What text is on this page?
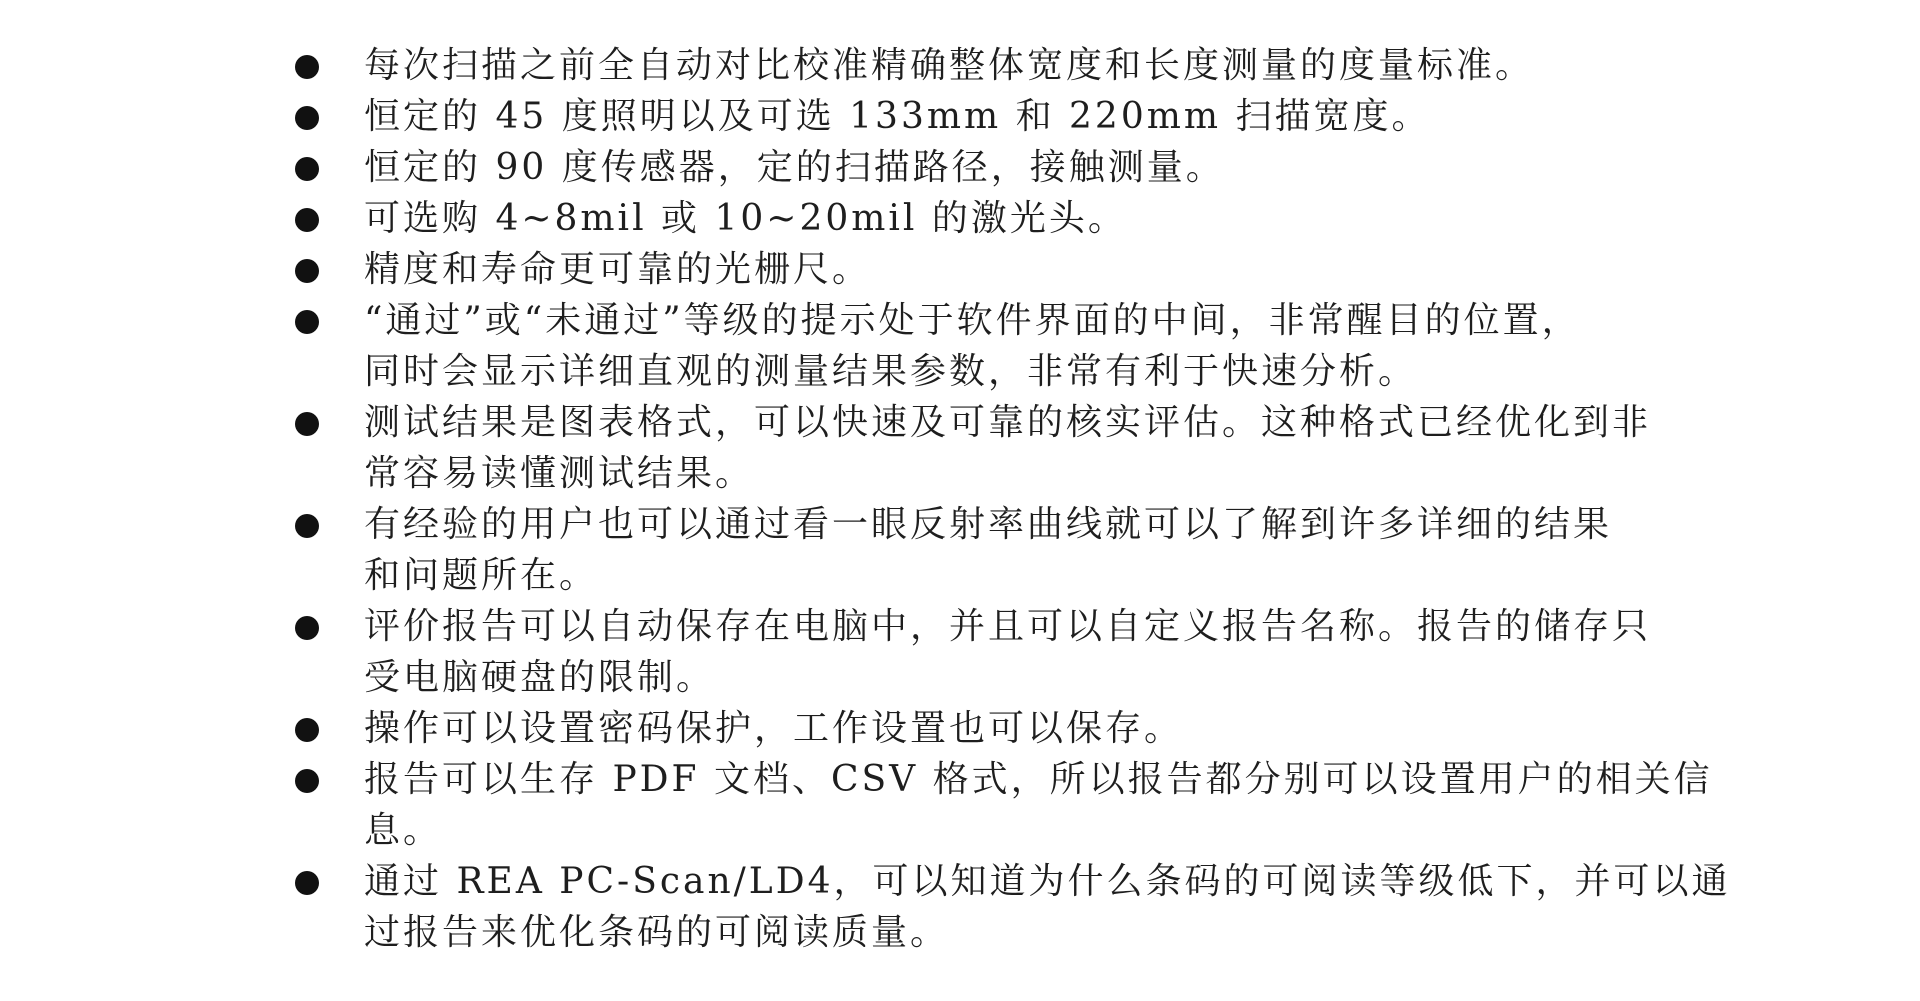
每次扫描之前全自动对比校准精确整体宽度和长度测量的度量标准。
恒定的 45 度照明以及可选 133mm 和 220mm 扫描宽度。
恒定的 90 度传感器，定的扫描路径，接触测量。
可选购 4~8mil 或 10~20mil 的激光头。
精度和寿命更可靠的光栅尺。
“通过”或“未通过”等级的提示处于软件界面的中间，非常醒目的位置，
同时会显示详细直观的测量结果参数，非常有利于快速分析。
测试结果是图表格式，可以快速及可靠的核实评估。这种格式已经优化到非
常容易读懂测试结果。
有经验的用户也可以通过看一眼反射率曲线就可以了解到许多详细的结果
和问题所在。
评价报告可以自动保存在电脑中，并且可以自定义报告名称。报告的储存只
受电脑硬盘的限制。
操作可以设置密码保护，工作设置也可以保存。
报告可以生存 PDF 文档、CSV 格式，所以报告都分别可以设置用户的相关信
息。
通过 REA PC-Scan/LD4，可以知道为什么条码的可阅读等级低下，并可以通
过报告来优化条码的可阅读质量。
